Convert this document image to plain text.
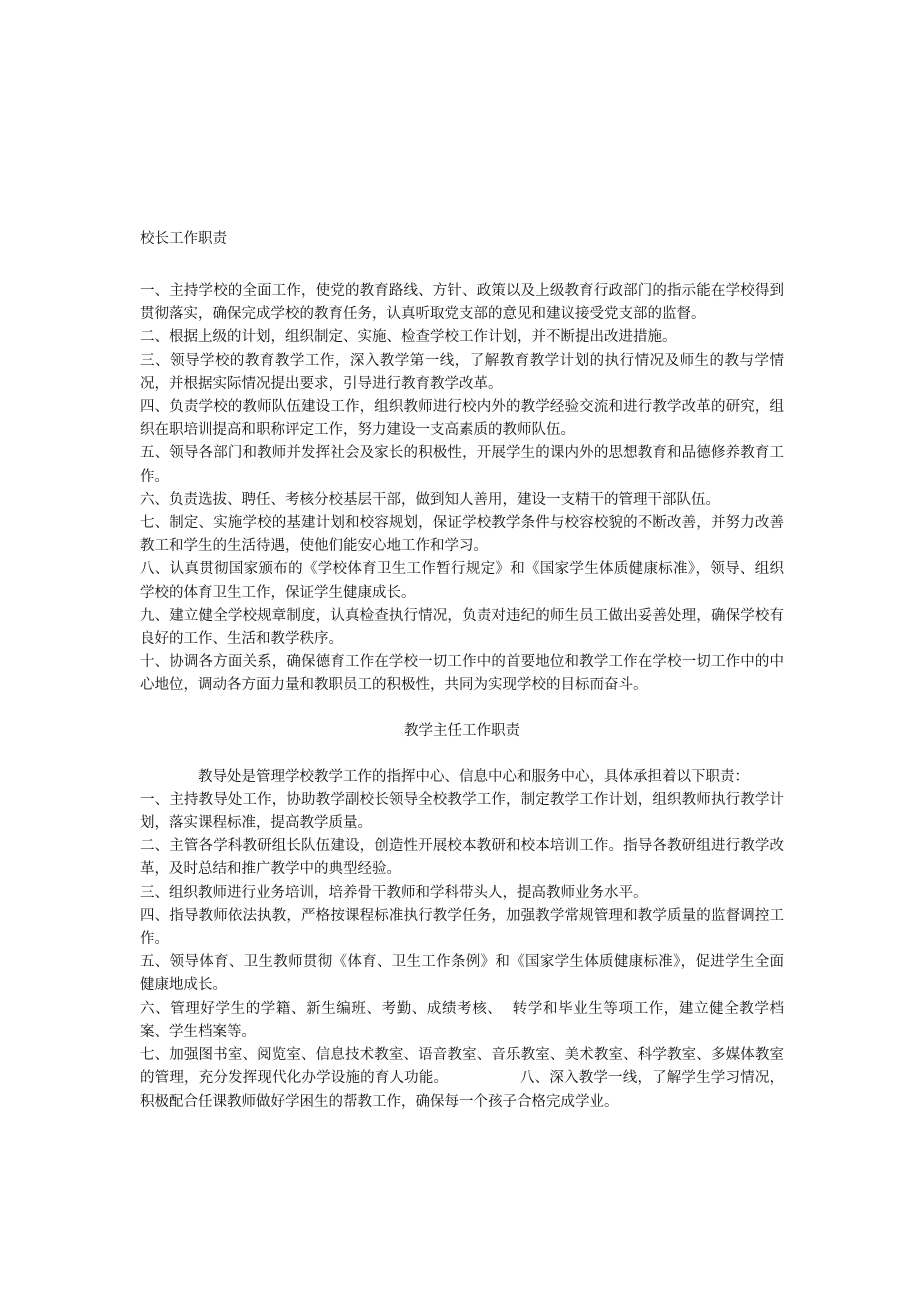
校长工作职责

一、主持学校的全面工作，使党的教育路线、方针、政策以及上级教育行政部门的指示能在学校得到贯彻落实，确保完成学校的教育任务，认真听取党支部的意见和建议接受党支部的监督。

二、根据上级的计划，组织制定、实施、检查学校工作计划，并不断提出改进措施。

三、领导学校的教育教学工作，深入教学第一线，了解教育教学计划的执行情况及师生的教与学情况，并根据实际情况提出要求，引导进行教育教学改革。

四、负责学校的教师队伍建设工作，组织教师进行校内外的教学经验交流和进行教学改革的研究，组织在职培训提高和职称评定工作，努力建设一支高素质的教师队伍。

五、领导各部门和教师并发挥社会及家长的积极性，开展学生的课内外的思想教育和品德修养教育工作。

六、负责选拔、聘任、考核分校基层干部，做到知人善用，建设一支精干的管理干部队伍。

七、制定、实施学校的基建计划和校容规划，保证学校教学条件与校容校貌的不断改善，并努力改善教工和学生的生活待遇，使他们能安心地工作和学习。

八、认真贯彻国家颁布的《学校体育卫生工作暂行规定》和《国家学生体质健康标准》，领导、组织学校的体育卫生工作，保证学生健康成长。

九、建立健全学校规章制度，认真检查执行情况，负责对违纪的师生员工做出妥善处理，确保学校有良好的工作、生活和教学秩序。

十、协调各方面关系，确保德育工作在学校一切工作中的首要地位和教学工作在学校一切工作中的中心地位，调动各方面力量和教职员工的积极性，共同为实现学校的目标而奋斗。

教学主任工作职责

教导处是管理学校教学工作的指挥中心、信息中心和服务中心，具体承担着以下职责：

一、主持教导处工作，协助教学副校长领导全校教学工作，制定教学工作计划，组织教师执行教学计划，落实课程标准，提高教学质量。

二、主管各学科教研组长队伍建设，创造性开展校本教研和校本培训工作。指导各教研组进行教学改革，及时总结和推广教学中的典型经验。

三、组织教师进行业务培训，培养骨干教师和学科带头人，提高教师业务水平。

四、指导教师依法执教，严格按课程标准执行教学任务，加强教学常规管理和教学质量的监督调控工作。

五、领导体育、卫生教师贯彻《体育、卫生工作条例》和《国家学生体质健康标准》，促进学生全面健康地成长。

六、管理好学生的学籍、新生编班、考勤、成绩考核、  转学和毕业生等项工作，建立健全教学档案、学生档案等。

七、加强图书室、阅览室、信息技术教室、语音教室、音乐教室、美术教室、科学教室、多媒体教室的管理，充分发挥现代化办学设施的育人功能。               八、深入教学一线，了解学生学习情况，积极配合任课教师做好学困生的帮教工作，确保每一个孩子合格完成学业。
